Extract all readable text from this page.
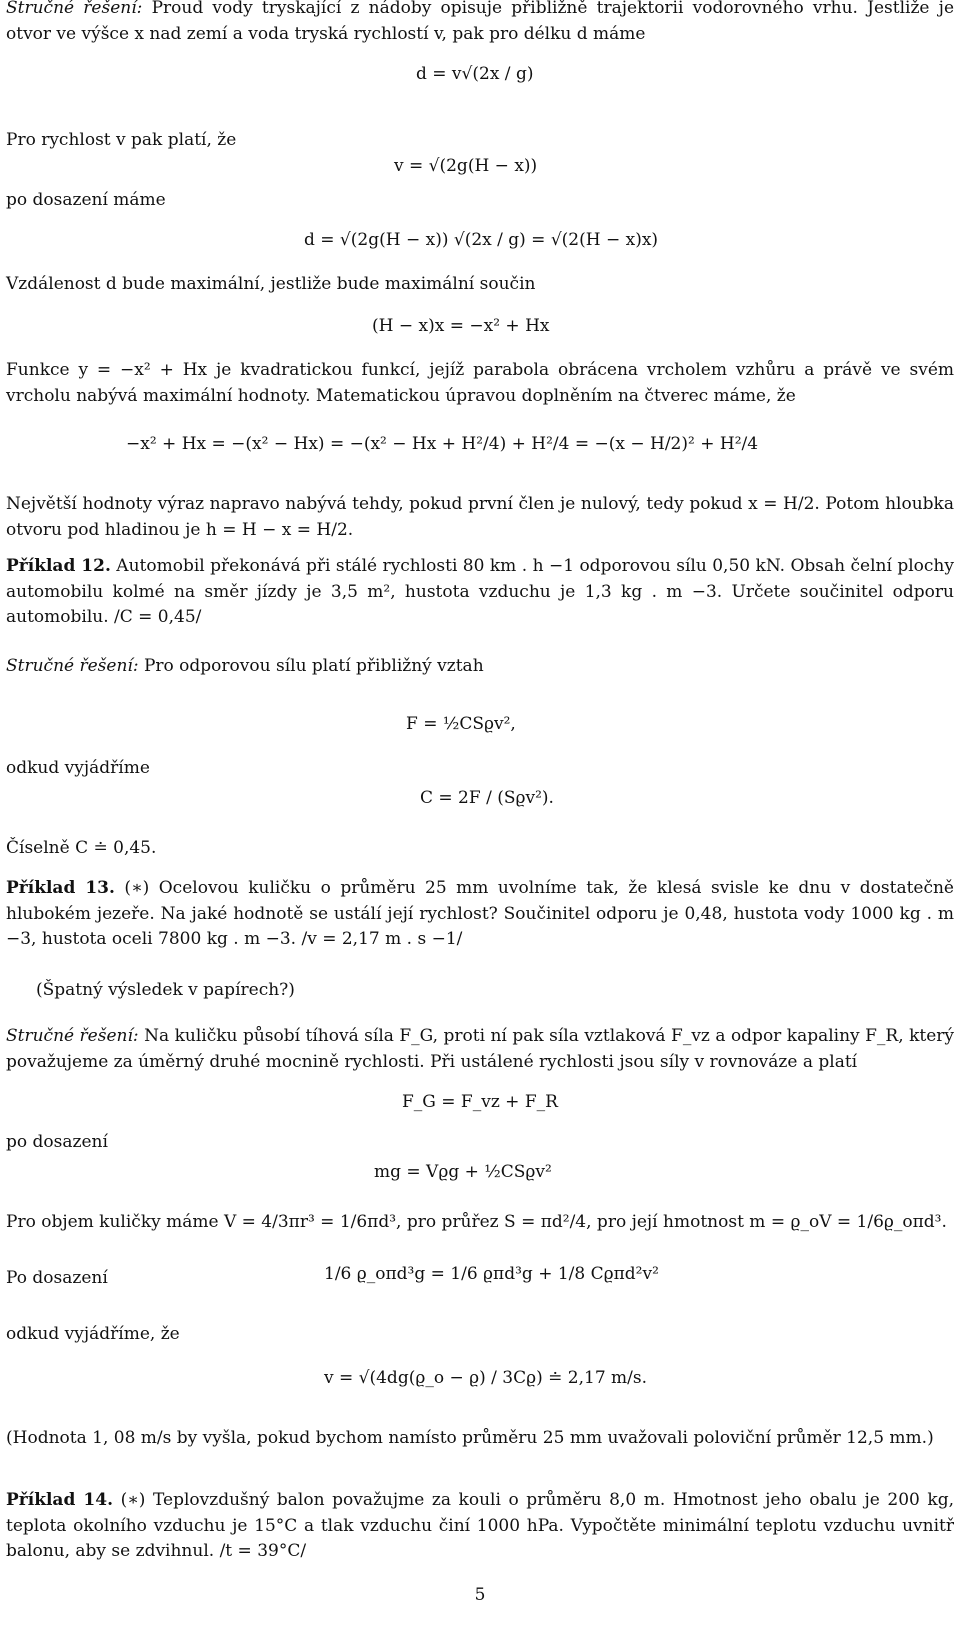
Stručné řešení: Proud vody tryskající z nádoby opisuje přibližně trajektorii vodorovného vrhu. Jestliže je otvor ve výšce x nad zemí a voda tryská rychlostí v, pak pro délku d máme

d = v√(2x / g)

Pro rychlost v pak platí, že

v = √(2g(H − x))

po dosazení máme

d = √(2g(H − x)) √(2x / g) = √(2(H − x)x)

Vzdálenost d bude maximální, jestliže bude maximální součin

(H − x)x = −x² + Hx

Funkce y = −x² + Hx je kvadratickou funkcí, jejíž parabola obrácena vrcholem vzhůru a právě ve svém vrcholu nabývá maximální hodnoty. Matematickou úpravou doplněním na čtverec máme, že

−x² + Hx = −(x² − Hx) = −(x² − Hx + H²/4) + H²/4 = −(x − H/2)² + H²/4

Největší hodnoty výraz napravo nabývá tehdy, pokud první člen je nulový, tedy pokud x = H/2. Potom hloubka otvoru pod hladinou je h = H − x = H/2.

Příklad 12. Automobil překonává při stálé rychlosti 80 km . h −1 odporovou sílu 0,50 kN. Obsah čelní plochy automobilu kolmé na směr jízdy je 3,5 m², hustota vzduchu je 1,3 kg . m −3. Určete součinitel odporu automobilu. /C = 0,45/

Stručné řešení: Pro odporovou sílu platí přibližný vztah

F = ½CSϱv²,

odkud vyjádříme

C = 2F / (Sϱv²).

Číselně C ≐ 0,45.

Příklad 13. (∗) Ocelovou kuličku o průměru 25 mm uvolníme tak, že klesá svisle ke dnu v dostatečně hlubokém jezeře. Na jaké hodnotě se ustálí její rychlost? Součinitel odporu je 0,48, hustota vody 1000 kg . m −3, hustota oceli 7800 kg . m −3. /v = 2,17 m . s −1/

(Špatný výsledek v papírech?)

Stručné řešení: Na kuličku působí tíhová síla F_G, proti ní pak síla vztlaková F_vz a odpor kapaliny F_R, který považujeme za úměrný druhé mocnině rychlosti. Při ustálené rychlosti jsou síly v rovnováze a platí

F_G = F_vz + F_R

po dosazení

mg = Vϱg + ½CSϱv²

Pro objem kuličky máme V = 4/3πr³ = 1/6πd³, pro průřez S = πd²/4, pro její hmotnost m = ϱ_oV = 1/6ϱ_oπd³.

Po dosazení	1/6 ϱ_oπd³g = 1/6 ϱπd³g + 1/8 Cϱπd²v²

odkud vyjádříme, že

v = √(4dg(ϱ_o − ϱ) / 3Cϱ) ≐ 2,17 m/s.

(Hodnota 1, 08 m/s by vyšla, pokud bychom namísto průměru 25 mm uvažovali poloviční průměr 12,5 mm.)

Příklad 14. (∗) Teplovzdušný balon považujme za kouli o průměru 8,0 m. Hmotnost jeho obalu je 200 kg, teplota okolního vzduchu je 15°C a tlak vzduchu činí 1000 hPa. Vypočtěte minimální teplotu vzduchu uvnitř balonu, aby se zdvihnul. /t = 39°C/

5
